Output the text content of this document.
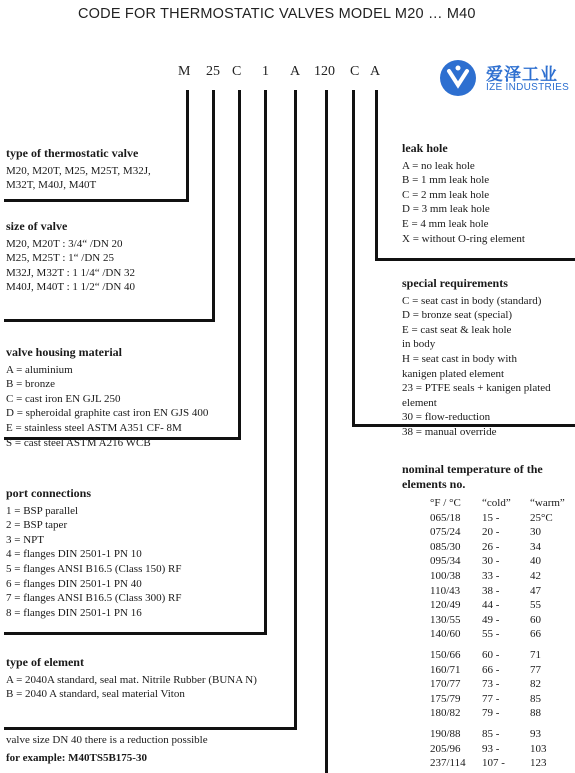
CODE FOR THERMOSTATIC VALVES MODEL M20 … M40
M 25 C 1 A 120 C A	爱泽工业
IZE INDUSTRIES
type of thermostatic valve
M20, M20T, M25, M25T, M32J,
M32T, M40J, M40T
size of valve
M20, M20T : 3/4“ /DN 20
M25, M25T : 1“ /DN 25
M32J, M32T : 1 1/4“ /DN 32
M40J, M40T : 1 1/2“ /DN 40
valve housing material
A = aluminium
B = bronze
C = cast iron EN GJL 250
D = spheroidal graphite cast iron EN GJS 400
E = stainless steel ASTM A351 CF- 8M
S = cast steel ASTM A216 WCB
port connections
1 = BSP parallel
2 = BSP taper
3 = NPT
4 = flanges DIN 2501-1 PN 10
5 = flanges ANSI B16.5 (Class 150) RF
6 = flanges DIN 2501-1 PN 40
7 = flanges ANSI B16.5 (Class 300) RF
8 = flanges DIN 2501-1 PN 16
type of element
A = 2040A standard, seal mat. Nitrile Rubber (BUNA N)
B = 2040 A standard, seal material Viton
leak hole
A = no leak hole
B = 1 mm leak hole
C = 2 mm leak hole
D = 3 mm leak hole
E = 4 mm leak hole
X = without O-ring element
special requirements
C = seat cast in body (standard)
D = bronze seat (special)
E = cast seat & leak hole
in body
H = seat cast in body with
kanigen plated element
23 = PTFE seals + kanigen plated
element
30 = flow-reduction
38 = manual override
nominal temperature of the
elements no.
°F / °C	“cold”	“warm”
065/18	15 -	25°C
075/24	20 -	30
085/30	26 -	34
095/34	30 -	40
100/38	33 -	42
110/43	38 -	47
120/49	44 -	55
130/55	49 -	60
140/60	55 -	66
150/66	60 -	71
160/71	66 -	77
170/77	73 -	82
175/79	77 -	85
180/82	79 -	88
190/88	85 -	93
205/96	93 -	103
237/114	107 -	123
valve size DN 40 there is a reduction possible
for example: M40TS5B175-30
